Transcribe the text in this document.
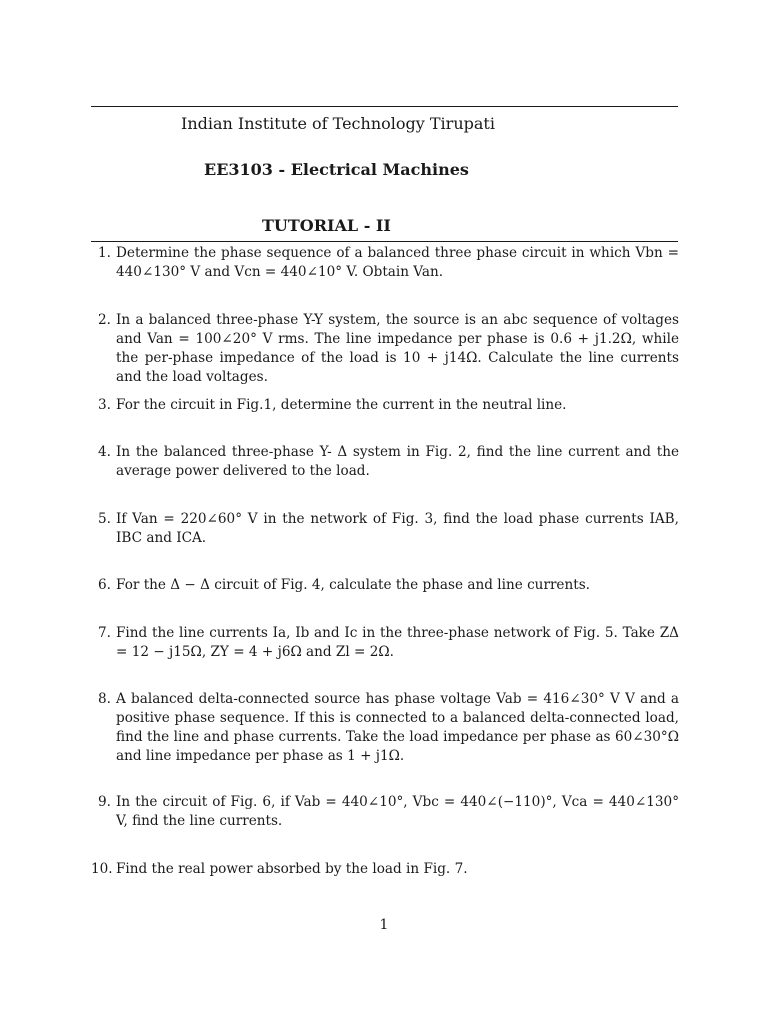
Indian Institute of Technology Tirupati
EE3103 - Electrical Machines
TUTORIAL - II
1. Determine the phase sequence of a balanced three phase circuit in which Vbn = 440∠130° V and Vcn = 440∠10° V. Obtain Van.
2. In a balanced three-phase Y-Y system, the source is an abc sequence of voltages and Van = 100∠20° V rms. The line impedance per phase is 0.6 + j1.2Ω, while the per-phase impedance of the load is 10 + j14Ω. Calculate the line currents and the load voltages.
3. For the circuit in Fig.1, determine the current in the neutral line.
4. In the balanced three-phase Y- Δ system in Fig. 2, find the line current and the average power delivered to the load.
5. If Van = 220∠60° V in the network of Fig. 3, find the load phase currents IAB, IBC and ICA.
6. For the Δ − Δ circuit of Fig. 4, calculate the phase and line currents.
7. Find the line currents Ia, Ib and Ic in the three-phase network of Fig. 5. Take ZΔ = 12 − j15Ω, ZY = 4 + j6Ω and Zl = 2Ω.
8. A balanced delta-connected source has phase voltage Vab = 416∠30° V V and a positive phase sequence. If this is connected to a balanced delta-connected load, find the line and phase currents. Take the load impedance per phase as 60∠30°Ω and line impedance per phase as 1 + j1Ω.
9. In the circuit of Fig. 6, if Vab = 440∠10°, Vbc = 440∠(−110)°, Vca = 440∠130° V, find the line currents.
10. Find the real power absorbed by the load in Fig. 7.
1
